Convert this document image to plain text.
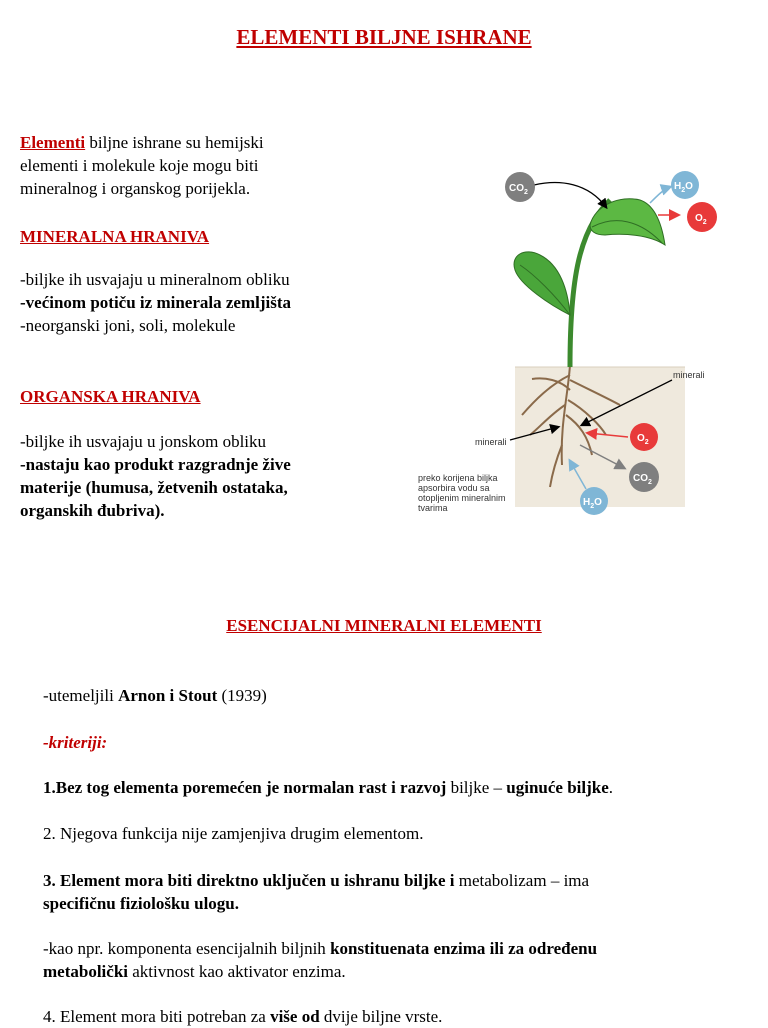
ELEMENTI BILJNE ISHRANE
Elementi biljne ishrane su hemijski
elementi i molekule koje mogu biti
mineralnog i organskog porijekla.
MINERALNA HRANIVA
-biljke ih usvajaju u mineralnom obliku
-većinom potiču iz minerala zemljišta
-neorganski joni, soli, molekule
ORGANSKA HRANIVA
-biljke ih usvajaju u jonskom obliku
-nastaju kao produkt razgradnje žive
materije (humusa, žetvenih ostataka,
organskih đubriva).
$CO_2$
$H_2O$
$O_2$
$O_2$
$CO_2$
$H_2O$
minerali
minerali
preko korijena biljka
apsorbira vodu sa
otopljenim mineralnim
tvarima
ESENCIJALNI MINERALNI ELEMENTI
-utemeljili Arnon i Stout (1939)
-kriteriji:
1.Bez tog elementa poremećen je normalan rast i razvoj biljke – uginuće biljke.
2. Njegova funkcija nije zamjenjiva drugim elementom.
3. Element mora biti direktno uključen u ishranu biljke i metabolizam – ima
specifičnu fiziološku ulogu.
-kao npr. komponenta esencijalnih biljnih konstituenata enzima ili za određenu
metabolički aktivnost kao aktivator enzima.
4. Element mora biti potreban za više od dvije biljne vrste.
